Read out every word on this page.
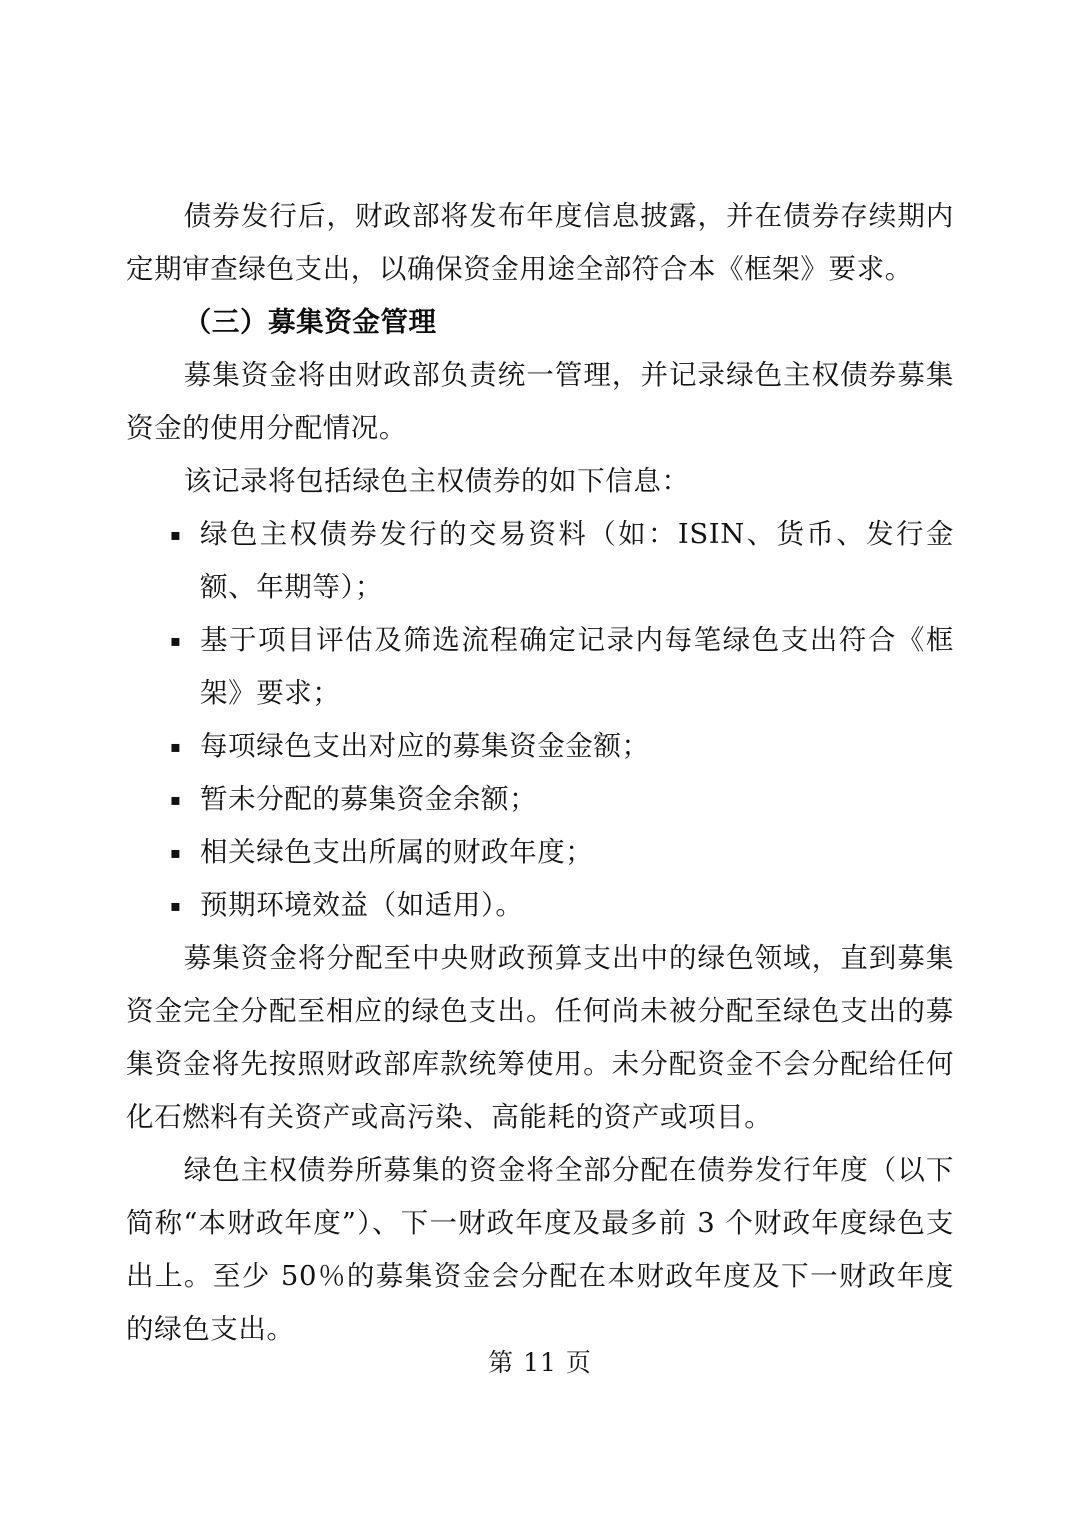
债券发行后，财政部将发布年度信息披露，并在债券存续期内定期审查绿色支出，以确保资金用途全部符合本《框架》要求。

（三）募集资金管理

募集资金将由财政部负责统一管理，并记录绿色主权债券募集资金的使用分配情况。

该记录将包括绿色主权债券的如下信息：

▪ 绿色主权债券发行的交易资料（如：ISIN、货币、发行金额、年期等）；
▪ 基于项目评估及筛选流程确定记录内每笔绿色支出符合《框架》要求；
▪ 每项绿色支出对应的募集资金金额；
▪ 暂未分配的募集资金余额；
▪ 相关绿色支出所属的财政年度；
▪ 预期环境效益（如适用）。

募集资金将分配至中央财政预算支出中的绿色领域，直到募集资金完全分配至相应的绿色支出。任何尚未被分配至绿色支出的募集资金将先按照财政部库款统筹使用。未分配资金不会分配给任何化石燃料有关资产或高污染、高能耗的资产或项目。

绿色主权债券所募集的资金将全部分配在债券发行年度（以下简称“本财政年度”）、下一财政年度及最多前 3 个财政年度绿色支出上。至少 50％的募集资金会分配在本财政年度及下一财政年度的绿色支出。

第 11 页
